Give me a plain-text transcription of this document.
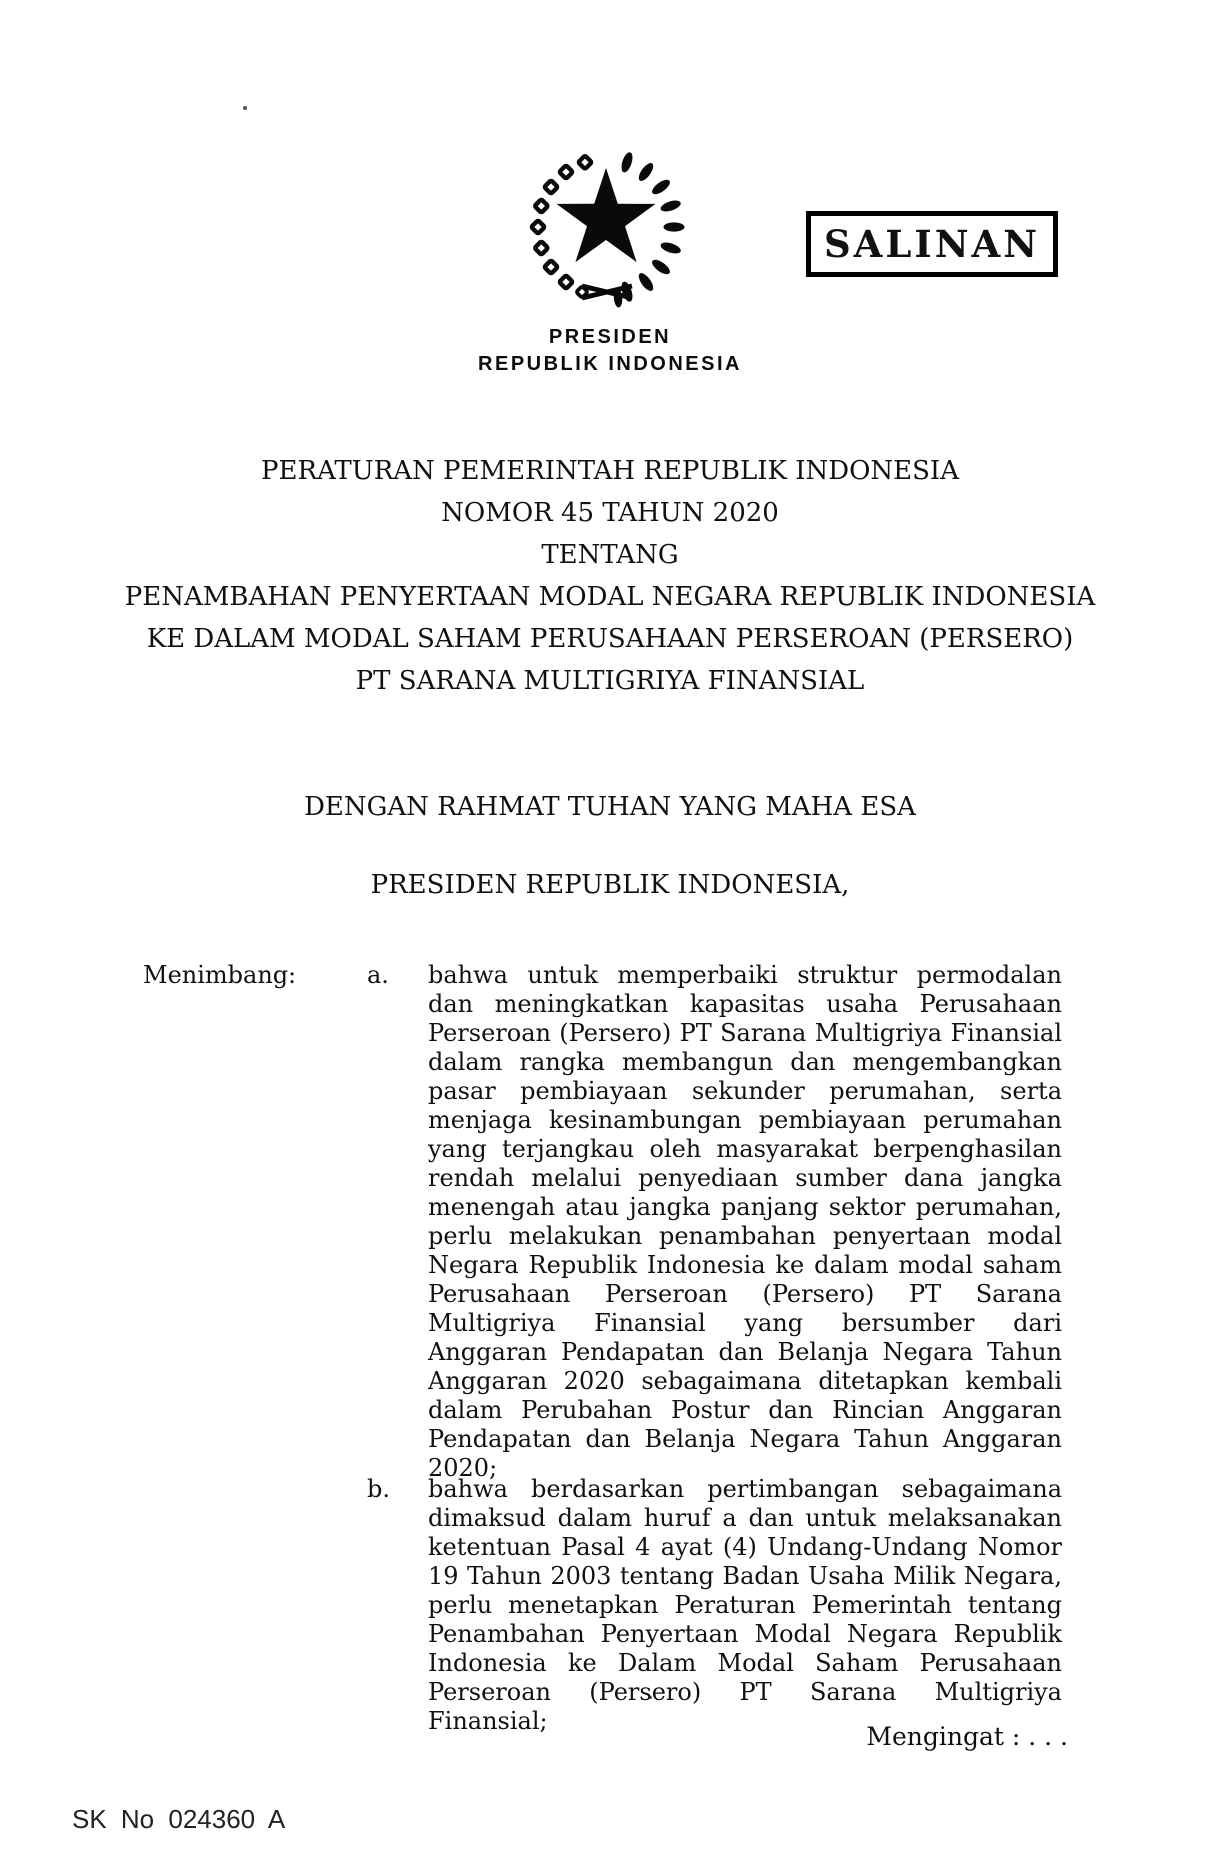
SALINAN
PRESIDEN
REPUBLIK INDONESIA
PERATURAN PEMERINTAH REPUBLIK INDONESIA
NOMOR 45 TAHUN 2020
TENTANG
PENAMBAHAN PENYERTAAN MODAL NEGARA REPUBLIK INDONESIA
KE DALAM MODAL SAHAM PERUSAHAAN PERSEROAN (PERSERO)
PT SARANA MULTIGRIYA FINANSIAL
DENGAN RAHMAT TUHAN YANG MAHA ESA
PRESIDEN REPUBLIK INDONESIA,
Menimbang :	a. bahwa untuk memperbaiki struktur permodalan dan meningkatkan kapasitas usaha Perusahaan Perseroan (Persero) PT Sarana Multigriya Finansial dalam rangka membangun dan mengembangkan pasar pembiayaan sekunder perumahan, serta menjaga kesinambungan pembiayaan perumahan yang terjangkau oleh masyarakat berpenghasilan rendah melalui penyediaan sumber dana jangka menengah atau jangka panjang sektor perumahan, perlu melakukan penambahan penyertaan modal Negara Republik Indonesia ke dalam modal saham Perusahaan Perseroan (Persero) PT Sarana Multigriya Finansial yang bersumber dari Anggaran Pendapatan dan Belanja Negara Tahun Anggaran 2020 sebagaimana ditetapkan kembali dalam Perubahan Postur dan Rincian Anggaran Pendapatan dan Belanja Negara Tahun Anggaran 2020;
b. bahwa berdasarkan pertimbangan sebagaimana dimaksud dalam huruf a dan untuk melaksanakan ketentuan Pasal 4 ayat (4) Undang-Undang Nomor 19 Tahun 2003 tentang Badan Usaha Milik Negara, perlu menetapkan Peraturan Pemerintah tentang Penambahan Penyertaan Modal Negara Republik Indonesia ke Dalam Modal Saham Perusahaan Perseroan (Persero) PT Sarana Multigriya Finansial;
Mengingat : . . .
SK No 024360 A
